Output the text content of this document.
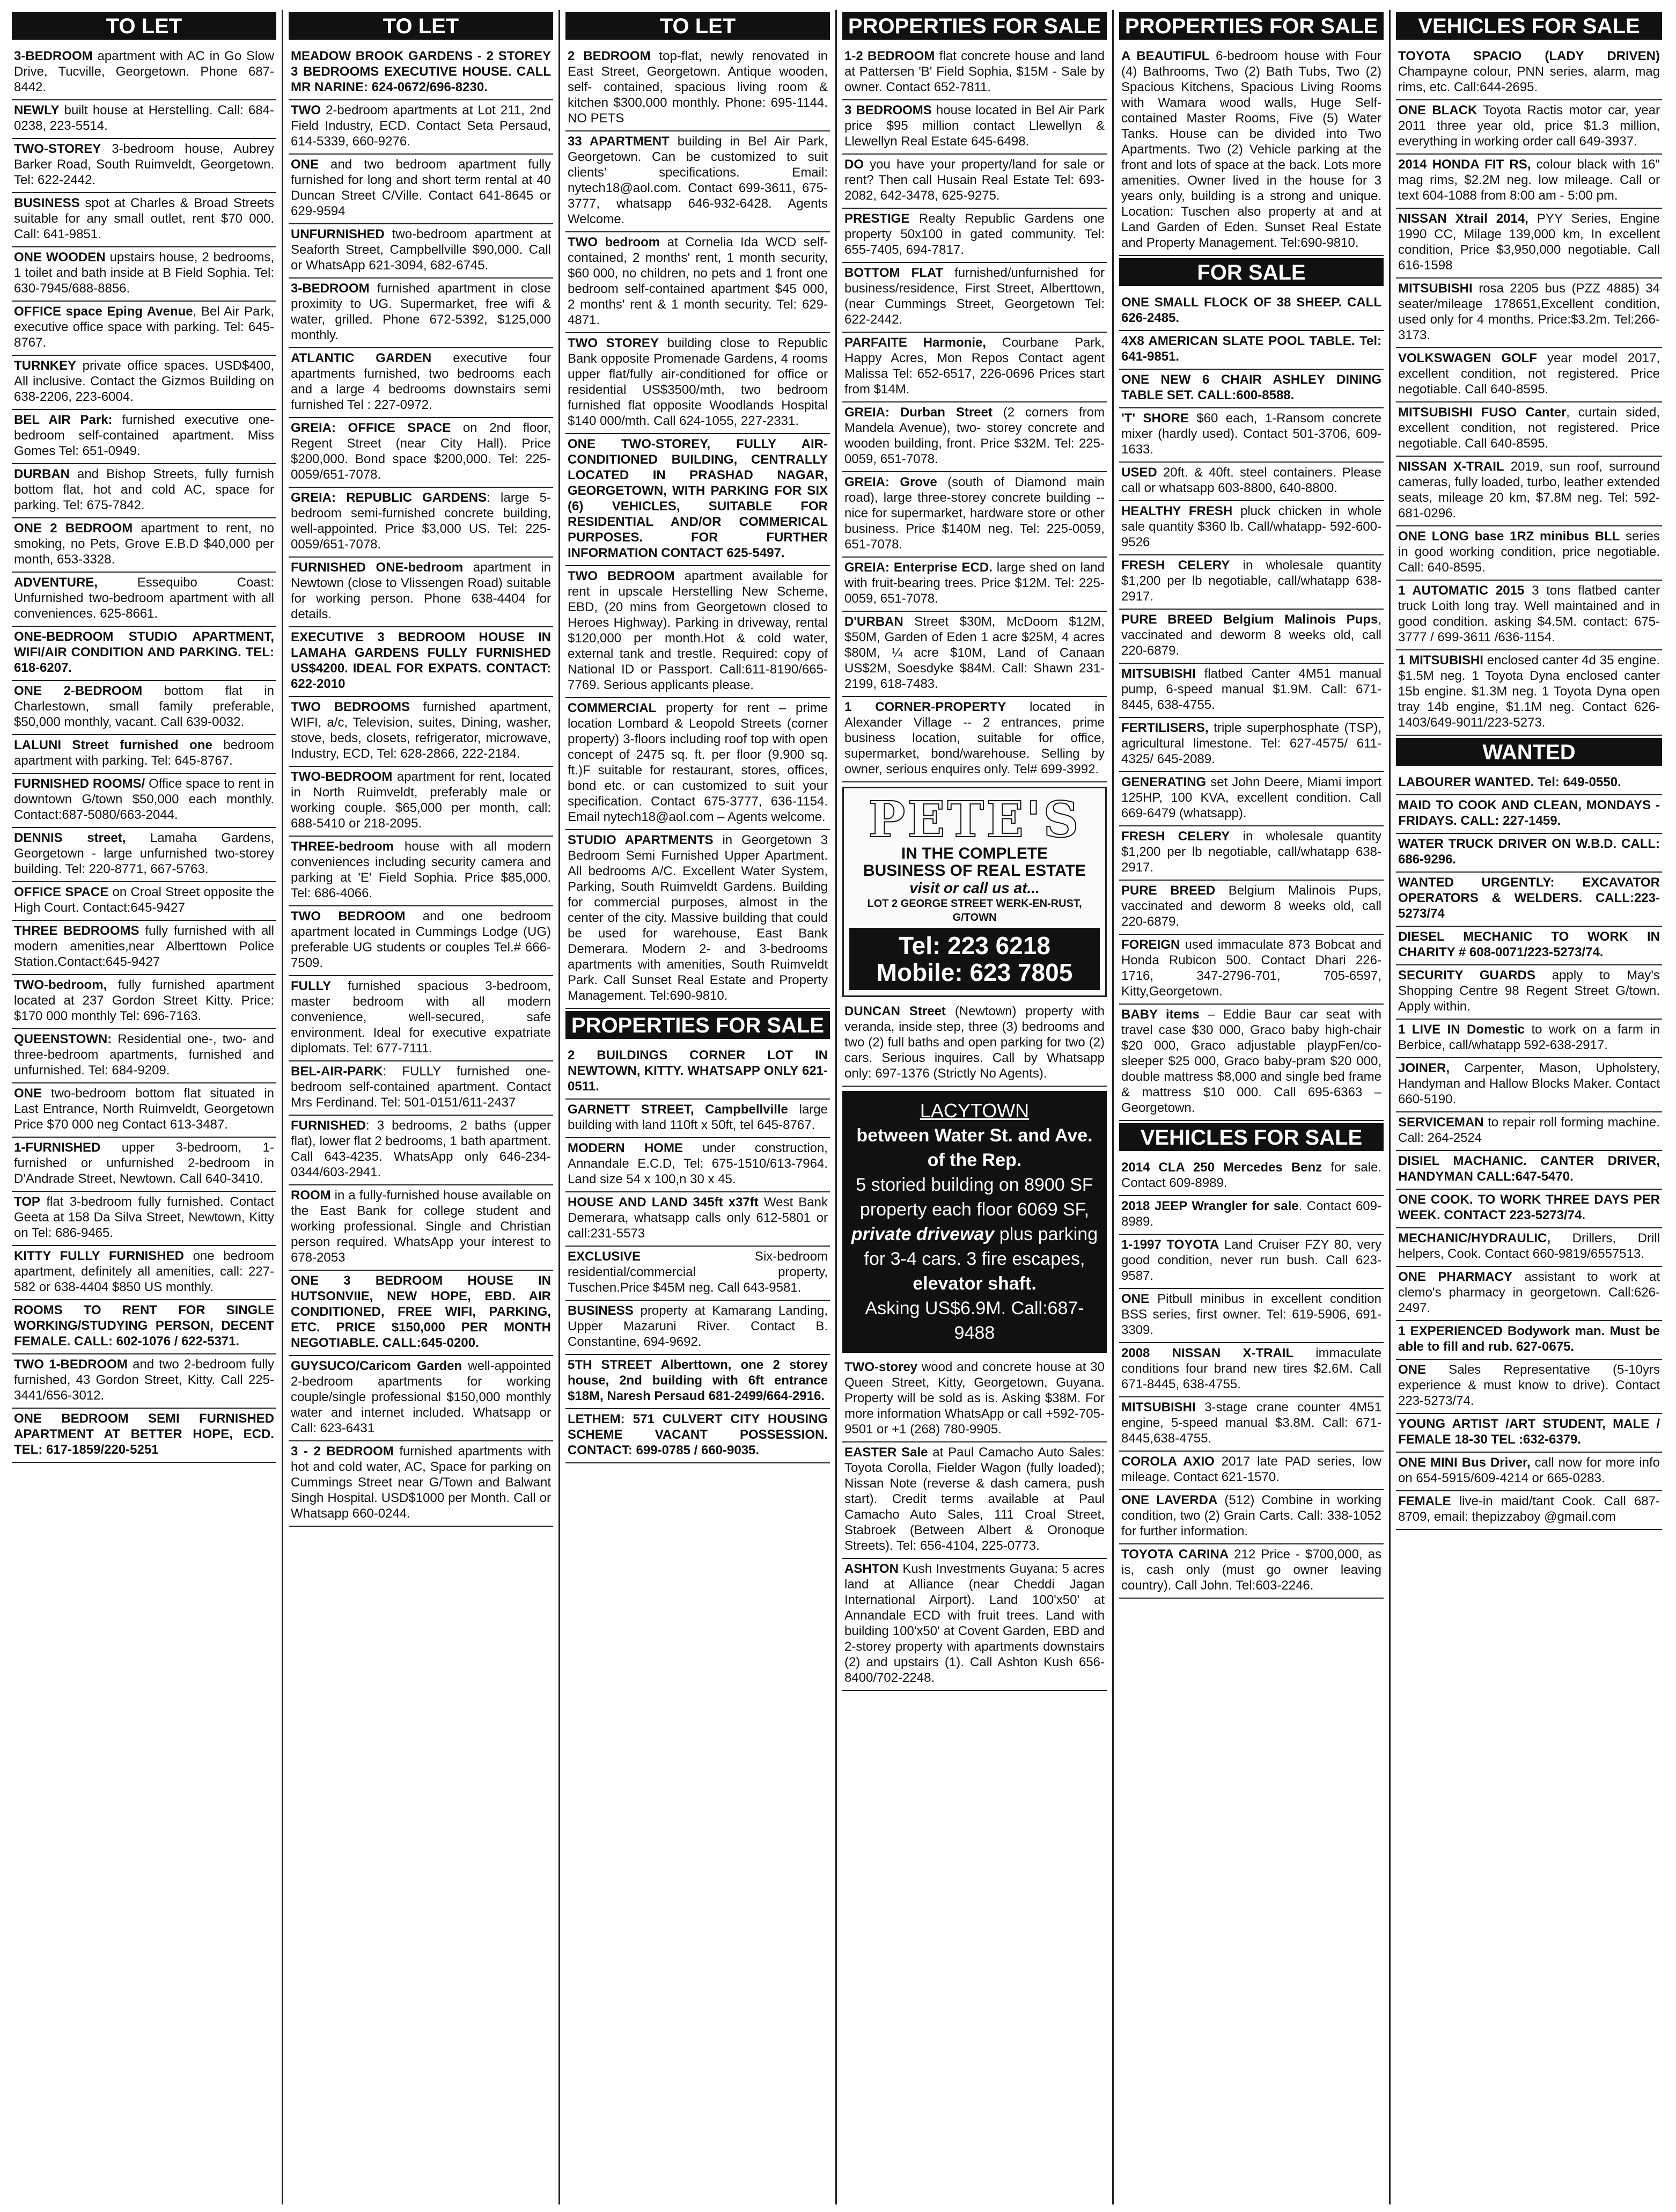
TO LET
3-BEDROOM apartment with AC in Go Slow Drive, Tucville, Georgetown. Phone 687-8442.
NEWLY built house at Herstelling. Call: 684-0238, 223-5514.
TWO-STOREY 3-bedroom house, Aubrey Barker Road, South Ruimveldt, Georgetown. Tel: 622-2442.
BUSINESS spot at Charles & Broad Streets suitable for any small outlet, rent $70 000. Call: 641-9851.
ONE WOODEN upstairs house, 2 bedrooms, 1 toilet and bath inside at B Field Sophia. Tel: 630-7945/688-8856.
OFFICE space Eping Avenue, Bel Air Park, executive office space with parking. Tel: 645-8767.
TURNKEY private office spaces. USD$400, All inclusive. Contact the Gizmos Building on 638-2206, 223-6004.
BEL AIR Park: furnished executive one-bedroom self-contained apartment. Miss Gomes Tel: 651-0949.
DURBAN and Bishop Streets, fully furnish bottom flat, hot and cold AC, space for parking. Tel: 675-7842.
ONE 2 BEDROOM apartment to rent, no smoking, no Pets, Grove E.B.D $40,000 per month, 653-3328.
ADVENTURE, Essequibo Coast: Unfurnished two-bedroom apartment with all conveniences. 625-8661.
ONE-BEDROOM STUDIO APARTMENT, WIFI/AIR CONDITION AND PARKING. TEL: 618-6207.
ONE 2-BEDROOM bottom flat in Charlestown, small family preferable, $50,000 monthly, vacant. Call 639-0032.
LALUNI Street furnished one bedroom apartment with parking. Tel: 645-8767.
FURNISHED ROOMS/ Office space to rent in downtown G/town $50,000 each monthly. Contact:687-5080/663-2044.
DENNIS street, Lamaha Gardens, Georgetown - large unfurnished two-storey building. Tel: 220-8771, 667-5763.
OFFICE SPACE on Croal Street opposite the High Court. Contact:645-9427
THREE BEDROOMS fully furnished with all modern amenities,near Alberttown Police Station.Contact:645-9427
TWO-bedroom, fully furnished apartment located at 237 Gordon Street Kitty. Price: $170 000 monthly Tel: 696-7163.
QUEENSTOWN: Residential one-, two- and three-bedroom apartments, furnished and unfurnished. Tel: 684-9209.
ONE two-bedroom bottom flat situated in Last Entrance, North Ruimveldt, Georgetown Price $70 000 neg Contact 613-3487.
1-FURNISHED upper 3-bedroom, 1-furnished or unfurnished 2-bedroom in D'Andrade Street, Newtown. Call 640-3410.
TOP flat 3-bedroom fully furnished. Contact Geeta at 158 Da Silva Street, Newtown, Kitty on Tel: 686-9465.
KITTY FULLY FURNISHED one bedroom apartment, definitely all amenities, call: 227-582 or 638-4404 $850 US monthly.
ROOMS TO RENT FOR SINGLE WORKING/STUDYING PERSON, DECENT FEMALE. CALL: 602-1076 / 622-5371.
TWO 1-BEDROOM and two 2-bedroom fully furnished, 43 Gordon Street, Kitty. Call 225-3441/656-3012.
ONE BEDROOM SEMI FURNISHED APARTMENT AT BETTER HOPE, ECD. TEL: 617-1859/220-5251
TO LET
MEADOW BROOK GARDENS - 2 STOREY 3 BEDROOMS EXECUTIVE HOUSE. CALL MR NARINE: 624-0672/696-8230.
TWO 2-bedroom apartments at Lot 211, 2nd Field Industry, ECD. Contact Seta Persaud, 614-5339, 660-9276.
ONE and two bedroom apartment fully furnished for long and short term rental at 40 Duncan Street C/Ville. Contact 641-8645 or 629-9594
UNFURNISHED two-bedroom apartment at Seaforth Street, Campbellville $90,000. Call or WhatsApp 621-3094, 682-6745.
3-BEDROOM furnished apartment in close proximity to UG. Supermarket, free wifi & water, grilled. Phone 672-5392, $125,000 monthly.
ATLANTIC GARDEN executive four apartments furnished, two bedrooms each and a large 4 bedrooms downstairs semi furnished Tel : 227-0972.
GREIA: OFFICE SPACE on 2nd floor, Regent Street (near City Hall). Price $200,000. Bond space $200,000. Tel: 225-0059/651-7078.
GREIA: REPUBLIC GARDENS: large 5-bedroom semi-furnished concrete building, well-appointed. Price $3,000 US. Tel: 225-0059/651-7078.
FURNISHED ONE-bedroom apartment in Newtown (close to Vlissengen Road) suitable for working person. Phone 638-4404 for details.
EXECUTIVE 3 BEDROOM HOUSE IN LAMAHA GARDENS FULLY FURNISHED US$4200. IDEAL FOR EXPATS. CONTACT: 622-2010
TWO BEDROOMS furnished apartment, WIFI, a/c, Television, suites, Dining, washer, stove, beds, closets, refrigerator, microwave, Industry, ECD, Tel: 628-2866, 222-2184.
TWO-BEDROOM apartment for rent, located in North Ruimveldt, preferably male or working couple. $65,000 per month, call: 688-5410 or 218-2095.
THREE-bedroom house with all modern conveniences including security camera and parking at 'E' Field Sophia. Price $85,000. Tel: 686-4066.
TWO BEDROOM and one bedroom apartment located in Cummings Lodge (UG) preferable UG students or couples Tel.# 666-7509.
FULLY furnished spacious 3-bedroom, master bedroom with all modern convenience, well-secured, safe environment. Ideal for executive expatriate diplomats. Tel: 677-7111.
BEL-AIR-PARK: FULLY furnished one-bedroom self-contained apartment. Contact Mrs Ferdinand. Tel: 501-0151/611-2437
FURNISHED: 3 bedrooms, 2 baths (upper flat), lower flat 2 bedrooms, 1 bath apartment. Call 643-4235. WhatsApp only 646-234-0344/603-2941.
ROOM in a fully-furnished house available on the East Bank for college student and working professional. Single and Christian person required. WhatsApp your interest to 678-2053
ONE 3 BEDROOM HOUSE IN HUTSONVIIE, NEW HOPE, EBD. AIR CONDITIONED, FREE WIFI, PARKING, ETC. PRICE $150,000 PER MONTH NEGOTIABLE. CALL:645-0200.
GUYSUCO/Caricom Garden well-appointed 2-bedroom apartments for working couple/single professional $150,000 monthly water and internet included. Whatsapp or Call: 623-6431
3 - 2 BEDROOM furnished apartments with hot and cold water, AC, Space for parking on Cummings Street near G/Town and Balwant Singh Hospital. USD$1000 per Month. Call or Whatsapp 660-0244.
TO LET
2 BEDROOM top-flat, newly renovated in East Street, Georgetown. Antique wooden, self- contained, spacious living room & kitchen $300,000 monthly. Phone: 695-1144. NO PETS
33 APARTMENT building in Bel Air Park, Georgetown. Can be customized to suit clients' specifications. Email: nytech18@aol.com. Contact 699-3611, 675-3777, whatsapp 646-932-6428. Agents Welcome.
TWO bedroom at Cornelia Ida WCD self-contained, 2 months' rent, 1 month security, $60 000, no children, no pets and 1 front one bedroom self-contained apartment $45 000, 2 months' rent & 1 month security. Tel: 629-4871.
TWO STOREY building close to Republic Bank opposite Promenade Gardens, 4 rooms upper flat/fully air-conditioned for office or residential US$3500/mth, two bedroom furnished flat opposite Woodlands Hospital $140 000/mth. Call 624-1055, 227-2331.
ONE TWO-STOREY, FULLY AIR-CONDITIONED BUILDING, CENTRALLY LOCATED IN PRASHAD NAGAR, GEORGETOWN, WITH PARKING FOR SIX (6) VEHICLES, SUITABLE FOR RESIDENTIAL AND/OR COMMERICAL PURPOSES. FOR FURTHER INFORMATION CONTACT 625-5497.
TWO BEDROOM apartment available for rent in upscale Herstelling New Scheme, EBD, (20 mins from Georgetown closed to Heroes Highway). Parking in driveway, rental $120,000 per month.Hot & cold water, external tank and trestle. Required: copy of National ID or Passport. Call:611-8190/665-7769. Serious applicants please.
COMMERCIAL property for rent – prime location Lombard & Leopold Streets (corner property) 3-floors including roof top with open concept of 2475 sq. ft. per floor (9.900 sq. ft.)F suitable for restaurant, stores, offices, bond etc. or can customized to suit your specification. Contact 675-3777, 636-1154. Email nytech18@aol.com – Agents welcome.
STUDIO APARTMENTS in Georgetown 3 Bedroom Semi Furnished Upper Apartment. All bedrooms A/C. Excellent Water System, Parking, South Ruimveldt Gardens. Building for commercial purposes, almost in the center of the city. Massive building that could be used for warehouse, East Bank Demerara. Modern 2- and 3-bedrooms apartments with amenities, South Ruimveldt Park. Call Sunset Real Estate and Property Management. Tel:690-9810.
PROPERTIES FOR SALE
2 BUILDINGS CORNER LOT IN NEWTOWN, KITTY. WHATSAPP ONLY 621-0511.
GARNETT STREET, Campbellville large building with land 110ft x 50ft, tel 645-8767.
MODERN HOME under construction, Annandale E.C.D, Tel: 675-1510/613-7964. Land size 54 x 100,n 30 x 45.
HOUSE AND LAND 345ft x37ft West Bank Demerara, whatsapp calls only 612-5801 or call:231-5573
EXCLUSIVE Six-bedroom residential/commercial property, Tuschen.Price $45M neg. Call 643-9581.
BUSINESS property at Kamarang Landing, Upper Mazaruni River. Contact B. Constantine, 694-9692.
5TH STREET Alberttown, one 2 storey house, 2nd building with 6ft entrance $18M, Naresh Persaud 681-2499/664-2916.
LETHEM: 571 CULVERT CITY HOUSING SCHEME VACANT POSSESSION. CONTACT: 699-0785 / 660-9035.
PROPERTIES FOR SALE
1-2 BEDROOM flat concrete house and land at Pattersen 'B' Field Sophia, $15M - Sale by owner. Contact 652-7811.
3 BEDROOMS house located in Bel Air Park price $95 million contact Llewellyn & Llewellyn Real Estate 645-6498.
DO you have your property/land for sale or rent? Then call Husain Real Estate Tel: 693-2082, 642-3478, 625-9275.
PRESTIGE Realty Republic Gardens one property 50x100 in gated community. Tel: 655-7405, 694-7817.
BOTTOM FLAT furnished/unfurnished for business/residence, First Street, Alberttown, (near Cummings Street, Georgetown Tel: 622-2442.
PARFAITE Harmonie, Courbane Park, Happy Acres, Mon Repos Contact agent Malissa Tel: 652-6517, 226-0696 Prices start from $14M.
GREIA: Durban Street (2 corners from Mandela Avenue), two- storey concrete and wooden building, front. Price $32M. Tel: 225-0059, 651-7078.
GREIA: Grove (south of Diamond main road), large three-storey concrete building -- nice for supermarket, hardware store or other business. Price $140M neg. Tel: 225-0059, 651-7078.
GREIA: Enterprise ECD. large shed on land with fruit-bearing trees. Price $12M. Tel: 225-0059, 651-7078.
D'URBAN Street $30M, McDoom $12M, $50M, Garden of Eden 1 acre $25M, 4 acres $80M, ¼ acre $10M, Land of Canaan US$2M, Soesdyke $84M. Call: Shawn 231-2199, 618-7483.
1 CORNER-PROPERTY located in Alexander Village -- 2 entrances, prime business location, suitable for office, supermarket, bond/warehouse. Selling by owner, serious enquires only. Tel# 699-3992.
PETE'S
IN THE COMPLETE
BUSINESS OF REAL ESTATE
visit or call us at...
LOT 2 GEORGE STREET WERK-EN-RUST, G/TOWN
Tel: 223 6218
Mobile: 623 7805
DUNCAN Street (Newtown) property with veranda, inside step, three (3) bedrooms and two (2) full baths and open parking for two (2) cars. Serious inquires. Call by Whatsapp only: 697-1376 (Strictly No Agents).
LACYTOWN
between Water St. and Ave. of the Rep.
5 storied building on 8900 SF property each floor 6069 SF,
private driveway plus parking for 3-4 cars. 3 fire escapes,
elevator shaft.
Asking US$6.9M. Call:687-9488
TWO-storey wood and concrete house at 30 Queen Street, Kitty, Georgetown, Guyana. Property will be sold as is. Asking $38M. For more information WhatsApp or call +592-705-9501 or +1 (268) 780-9905.
EASTER Sale at Paul Camacho Auto Sales: Toyota Corolla, Fielder Wagon (fully loaded); Nissan Note (reverse & dash camera, push start). Credit terms available at Paul Camacho Auto Sales, 111 Croal Street, Stabroek (Between Albert & Oronoque Streets). Tel: 656-4104, 225-0773.
ASHTON Kush Investments Guyana: 5 acres land at Alliance (near Cheddi Jagan International Airport). Land 100'x50' at Annandale ECD with fruit trees. Land with building 100'x50' at Covent Garden, EBD and 2-storey property with apartments downstairs (2) and upstairs (1). Call Ashton Kush 656-8400/702-2248.
PROPERTIES FOR SALE
A BEAUTIFUL 6-bedroom house with Four (4) Bathrooms, Two (2) Bath Tubs, Two (2) Spacious Kitchens, Spacious Living Rooms with Wamara wood walls, Huge Self-contained Master Rooms, Five (5) Water Tanks. House can be divided into Two Apartments. Two (2) Vehicle parking at the front and lots of space at the back. Lots more amenities. Owner lived in the house for 3 years only, building is a strong and unique. Location: Tuschen also property at and at Land Garden of Eden. Sunset Real Estate and Property Management. Tel:690-9810.
FOR SALE
ONE SMALL FLOCK OF 38 SHEEP. CALL 626-2485.
4X8 AMERICAN SLATE POOL TABLE. Tel: 641-9851.
ONE NEW 6 CHAIR ASHLEY DINING TABLE SET. CALL:600-8588.
'T' SHORE $60 each, 1-Ransom concrete mixer (hardly used). Contact 501-3706, 609-1633.
USED 20ft. & 40ft. steel containers. Please call or whatsapp 603-8800, 640-8800.
HEALTHY FRESH pluck chicken in whole sale quantity $360 lb. Call/whatapp- 592-600-9526
FRESH CELERY in wholesale quantity $1,200 per lb negotiable, call/whatapp 638-2917.
PURE BREED Belgium Malinois Pups, vaccinated and deworm 8 weeks old, call 220-6879.
MITSUBISHI flatbed Canter 4M51 manual pump, 6-speed manual $1.9M. Call: 671-8445, 638-4755.
FERTILISERS, triple superphosphate (TSP), agricultural limestone. Tel: 627-4575/ 611-4325/ 645-2089.
GENERATING set John Deere, Miami import 125HP, 100 KVA, excellent condition. Call 669-6479 (whatsapp).
FRESH CELERY in wholesale quantity $1,200 per lb negotiable, call/whatapp 638-2917.
PURE BREED Belgium Malinois Pups, vaccinated and deworm 8 weeks old, call 220-6879.
FOREIGN used immaculate 873 Bobcat and Honda Rubicon 500. Contact Dhari 226-1716, 347-2796-701, 705-6597, Kitty,Georgetown.
BABY items – Eddie Baur car seat with travel case $30 000, Graco baby high-chair $20 000, Graco adjustable playpFen/co-sleeper $25 000, Graco baby-pram $20 000, double mattress $8,000 and single bed frame & mattress $10 000. Call 695-6363 – Georgetown.
VEHICLES FOR SALE
2014 CLA 250 Mercedes Benz for sale. Contact 609-8989.
2018 JEEP Wrangler for sale. Contact 609-8989.
1-1997 TOYOTA Land Cruiser FZY 80, very good condition, never run bush. Call 623-9587.
ONE Pitbull minibus in excellent condition BSS series, first owner. Tel: 619-5906, 691-3309.
2008 NISSAN X-TRAIL immaculate conditions four brand new tires $2.6M. Call 671-8445, 638-4755.
MITSUBISHI 3-stage crane counter 4M51 engine, 5-speed manual $3.8M. Call: 671-8445,638-4755.
COROLA AXIO 2017 late PAD series, low mileage. Contact 621-1570.
ONE LAVERDA (512) Combine in working condition, two (2) Grain Carts. Call: 338-1052 for further information.
TOYOTA CARINA 212 Price - $700,000, as is, cash only (must go owner leaving country). Call John. Tel:603-2246.
VEHICLES FOR SALE
TOYOTA SPACIO (LADY DRIVEN) Champayne colour, PNN series, alarm, mag rims, etc. Call:644-2695.
ONE BLACK Toyota Ractis motor car, year 2011 three year old, price $1.3 million, everything in working order call 649-3937.
2014 HONDA FIT RS, colour black with 16" mag rims, $2.2M neg. low mileage. Call or text 604-1088 from 8:00 am - 5:00 pm.
NISSAN Xtrail 2014, PYY Series, Engine 1990 CC, Milage 139,000 km, In excellent condition, Price $3,950,000 negotiable. Call 616-1598
MITSUBISHI rosa 2205 bus (PZZ 4885) 34 seater/mileage 178651,Excellent condition, used only for 4 months. Price:$3.2m. Tel:266-3173.
VOLKSWAGEN GOLF year model 2017, excellent condition, not registered. Price negotiable. Call 640-8595.
MITSUBISHI FUSO Canter, curtain sided, excellent condition, not registered. Price negotiable. Call 640-8595.
NISSAN X-TRAIL 2019, sun roof, surround cameras, fully loaded, turbo, leather extended seats, mileage 20 km, $7.8M neg. Tel: 592-681-0296.
ONE LONG base 1RZ minibus BLL series in good working condition, price negotiable. Call: 640-8595.
1 AUTOMATIC 2015 3 tons flatbed canter truck Loith long tray. Well maintained and in good condition. asking $4.5M. contact: 675-3777 / 699-3611 /636-1154.
1 MITSUBISHI enclosed canter 4d 35 engine. $1.5M neg. 1 Toyota Dyna enclosed canter 15b engine. $1.3M neg. 1 Toyota Dyna open tray 14b engine, $1.1M neg. Contact 626-1403/649-9011/223-5273.
WANTED
LABOURER WANTED. Tel: 649-0550.
MAID TO COOK AND CLEAN, MONDAYS - FRIDAYS. CALL: 227-1459.
WATER TRUCK DRIVER ON W.B.D. CALL: 686-9296.
WANTED URGENTLY: EXCAVATOR OPERATORS & WELDERS. CALL:223-5273/74
DIESEL MECHANIC TO WORK IN CHARITY # 608-0071/223-5273/74.
SECURITY GUARDS apply to May's Shopping Centre 98 Regent Street G/town. Apply within.
1 LIVE IN Domestic to work on a farm in Berbice, call/whatapp 592-638-2917.
JOINER, Carpenter, Mason, Upholstery, Handyman and Hallow Blocks Maker. Contact 660-5190.
SERVICEMAN to repair roll forming machine. Call: 264-2524
DISIEL MACHANIC. CANTER DRIVER, HANDYMAN CALL:647-5470.
ONE COOK. TO WORK THREE DAYS PER WEEK. CONTACT 223-5273/74.
MECHANIC/HYDRAULIC, Drillers, Drill helpers, Cook. Contact 660-9819/6557513.
ONE PHARMACY assistant to work at clemo's pharmacy in georgetown. Call:626-2497.
1 EXPERIENCED Bodywork man. Must be able to fill and rub. 627-0675.
ONE Sales Representative (5-10yrs experience & must know to drive). Contact 223-5273/74.
YOUNG ARTIST /ART STUDENT, MALE / FEMALE 18-30 TEL :632-6379.
ONE MINI Bus Driver, call now for more info on 654-5915/609-4214 or 665-0283.
FEMALE live-in maid/tant Cook. Call 687-8709, email: thepizzaboy @gmail.com
